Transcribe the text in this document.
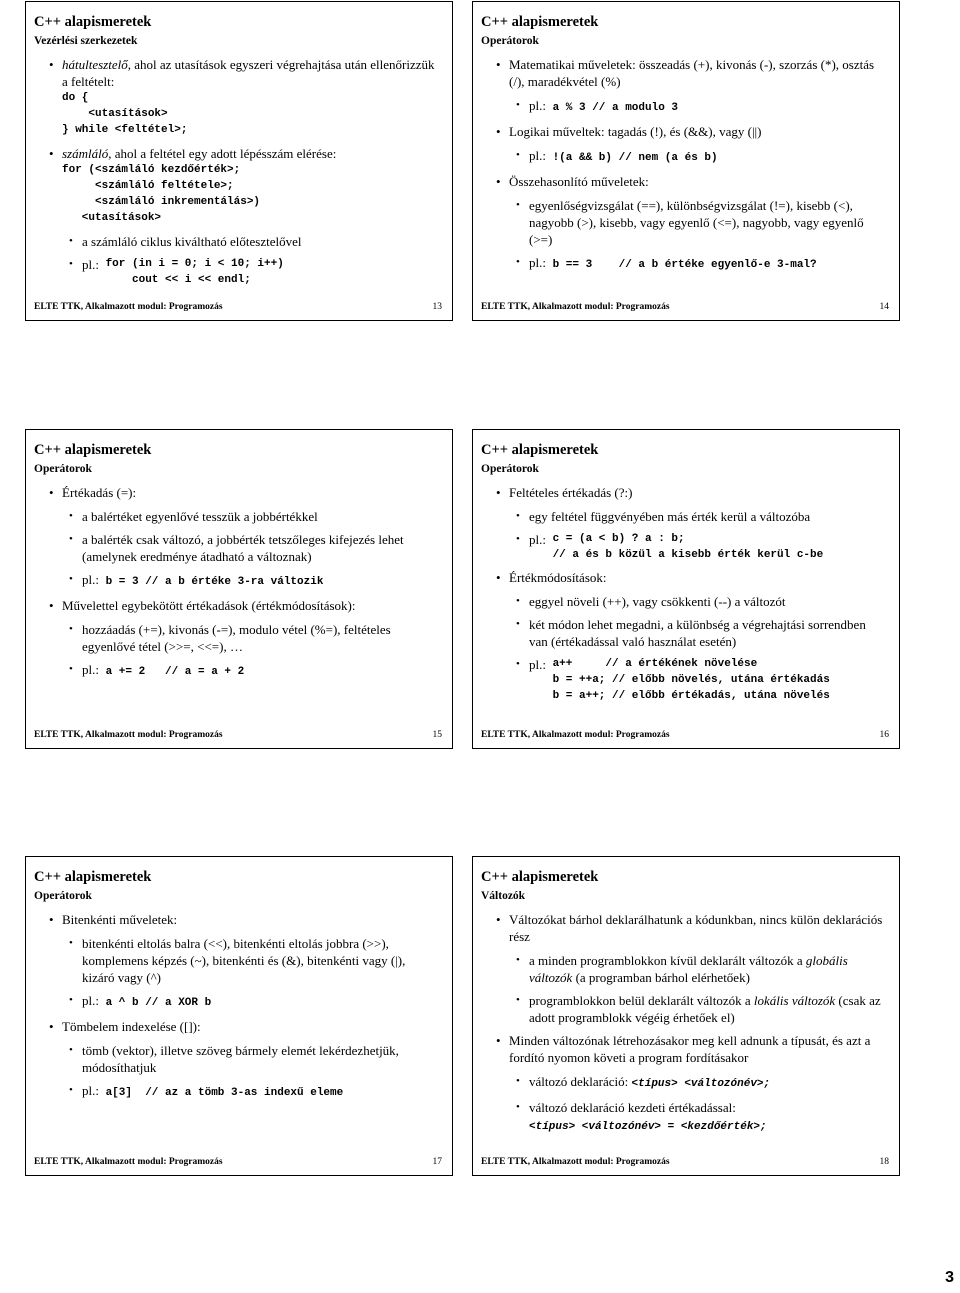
C++ alapismeretek
Vezérlési szerkezetek
• hátultesztelő, ahol az utasítások egyszeri végrehajtása után ellenőrizzük a feltételt:
do {
<utasítások>
} while <feltétel>;
• számláló, ahol a feltétel egy adott lépésszám elérése:
for (<számláló kezdőérték>;
<számláló feltétele>;
<számláló inkrementálás>)
<utasítások>
• a számláló ciklus kiváltható előtesztelővel
• pl.: for (in i = 0; i < 10; i++)
cout << i << endl;
ELTE TTK, Alkalmazott modul: Programozás	13
C++ alapismeretek
Operátorok
• Matematikai műveletek: összeadás (+), kivonás (-), szorzás (*), osztás (/), maradékvétel (%)
• pl.: a % 3 // a modulo 3
• Logikai műveltek: tagadás (!), és (&&), vagy (||)
• pl.: !(a && b) // nem (a és b)
• Összehasonlító műveletek:
• egyenlőségvizsgálat (==), különbségvizsgálat (!=), kisebb (<), nagyobb (>), kisebb, vagy egyenlő (<=), nagyobb, vagy egyenlő (>=)
• pl.: b == 3    // a b értéke egyenlő-e 3-mal?
ELTE TTK, Alkalmazott modul: Programozás	14
C++ alapismeretek
Operátorok
• Értékadás (=):
• a balértéket egyenlővé tesszük a jobbértékkel
• a balérték csak változó, a jobbérték tetszőleges kifejezés lehet (amelynek eredménye átadható a változnak)
• pl.: b = 3 // a b értéke 3-ra változik
• Művelettel egybekötött értékadások (értékmódosítások):
• hozzáadás (+=), kivonás (-=), modulo vétel (%=), feltételes egyenlővé tétel (>>=, <<=), …
• pl.: a += 2   // a = a + 2
ELTE TTK, Alkalmazott modul: Programozás	15
C++ alapismeretek
Operátorok
• Feltételes értékadás (?:)
• egy feltétel függvényében más érték kerül a változóba
• pl.: c = (a < b) ? a : b;
// a és b közül a kisebb érték kerül c-be
• Értékmódosítások:
• eggyel növeli (++), vagy csökkenti (--) a változót
• két módon lehet megadni, a különbség a végrehajtási sorrendben van (értékadással való használat esetén)
• pl.: a++     // a értékének növelése
b = ++a; // előbb növelés, utána értékadás
b = a++; // előbb értékadás, utána növelés
ELTE TTK, Alkalmazott modul: Programozás	16
C++ alapismeretek
Operátorok
• Bitenkénti műveletek:
• bitenkénti eltolás balra (<<), bitenkénti eltolás jobbra (>>), komplemens képzés (~), bitenkénti és (&), bitenkénti vagy (|), kizáró vagy (^)
• pl.: a ^ b // a XOR b
• Tömbelem indexelése ([]):
• tömb (vektor), illetve szöveg bármely elemét lekérdezhetjük, módosíthatjuk
• pl.: a[3]  // az a tömb 3-as indexű eleme
ELTE TTK, Alkalmazott modul: Programozás	17
C++ alapismeretek
Változók
• Változókat bárhol deklarálhatunk a kódunkban, nincs külön deklarációs rész
• a minden programblokkon kívül deklarált változók a globális változók (a programban bárhol elérhetőek)
• programblokkon belül deklarált változók a lokális változók (csak az adott programblokk végéig érhetőek el)
• Minden változónak létrehozásakor meg kell adnunk a típusát, és azt a fordító nyomon követi a program fordításakor
• változó deklaráció: <típus> <változónév>;
• változó deklaráció kezdeti értékadással:
<típus> <változónév> = <kezdőérték>;
ELTE TTK, Alkalmazott modul: Programozás	18
3
